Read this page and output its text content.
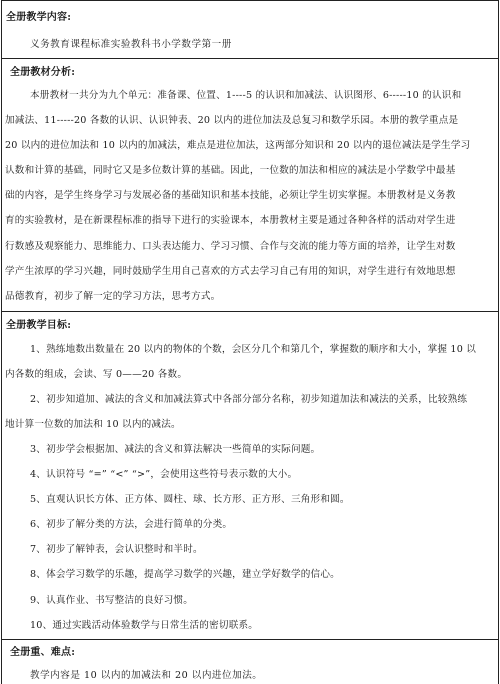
全册教学内容:
义务教育课程标准实验教科书小学数学第一册
全册教材分析:
本册教材一共分为九个单元：准备课、位置、1----5 的认识和加减法、认识图形、6-----10 的认识和
加减法、11-----20 各数的认识、认识钟表、20 以内的进位加法及总复习和数学乐园。本册的教学重点是
20 以内的进位加法和 10 以内的加减法，难点是进位加法，这两部分知识和 20 以内的退位减法是学生学习
认数和计算的基础，同时它又是多位数计算的基础。因此，一位数的加法和相应的减法是小学数学中最基
础的内容，是学生终身学习与发展必备的基础知识和基本技能，必须让学生切实掌握。本册教材是义务教
育的实验教材，是在新课程标准的指导下进行的实验课本，本册教材主要是通过各种各样的活动对学生进
行数感及观察能力、思维能力、口头表达能力、学习习惯、合作与交流的能力等方面的培养，让学生对数
学产生浓厚的学习兴趣，同时鼓励学生用自己喜欢的方式去学习自己有用的知识，对学生进行有效地思想
品德教育，初步了解一定的学习方法，思考方式。
全册教学目标:
1、熟练地数出数量在 20 以内的物体的个数，会区分几个和第几个，掌握数的顺序和大小，掌握 10 以
内各数的组成，会读、写 0——20 各数。
2、初步知道加、减法的含义和加减法算式中各部分部分名称，初步知道加法和减法的关系，比较熟练
地计算一位数的加法和 10 以内的减法。
3、初步学会根据加、减法的含义和算法解决一些简单的实际问题。
4、认识符号 “=” “<” “>”，会使用这些符号表示数的大小。
5、直观认识长方体、正方体、圆柱、球、长方形、正方形、三角形和圆。
6、初步了解分类的方法，会进行简单的分类。
7、初步了解钟表，会认识整时和半时。
8、体会学习数学的乐趣，提高学习数学的兴趣，建立学好数学的信心。
9、认真作业、书写整洁的良好习惯。
10、通过实践活动体验数学与日常生活的密切联系。
全册重、难点:
教学内容是 10 以内的加减法和 20 以内进位加法。
